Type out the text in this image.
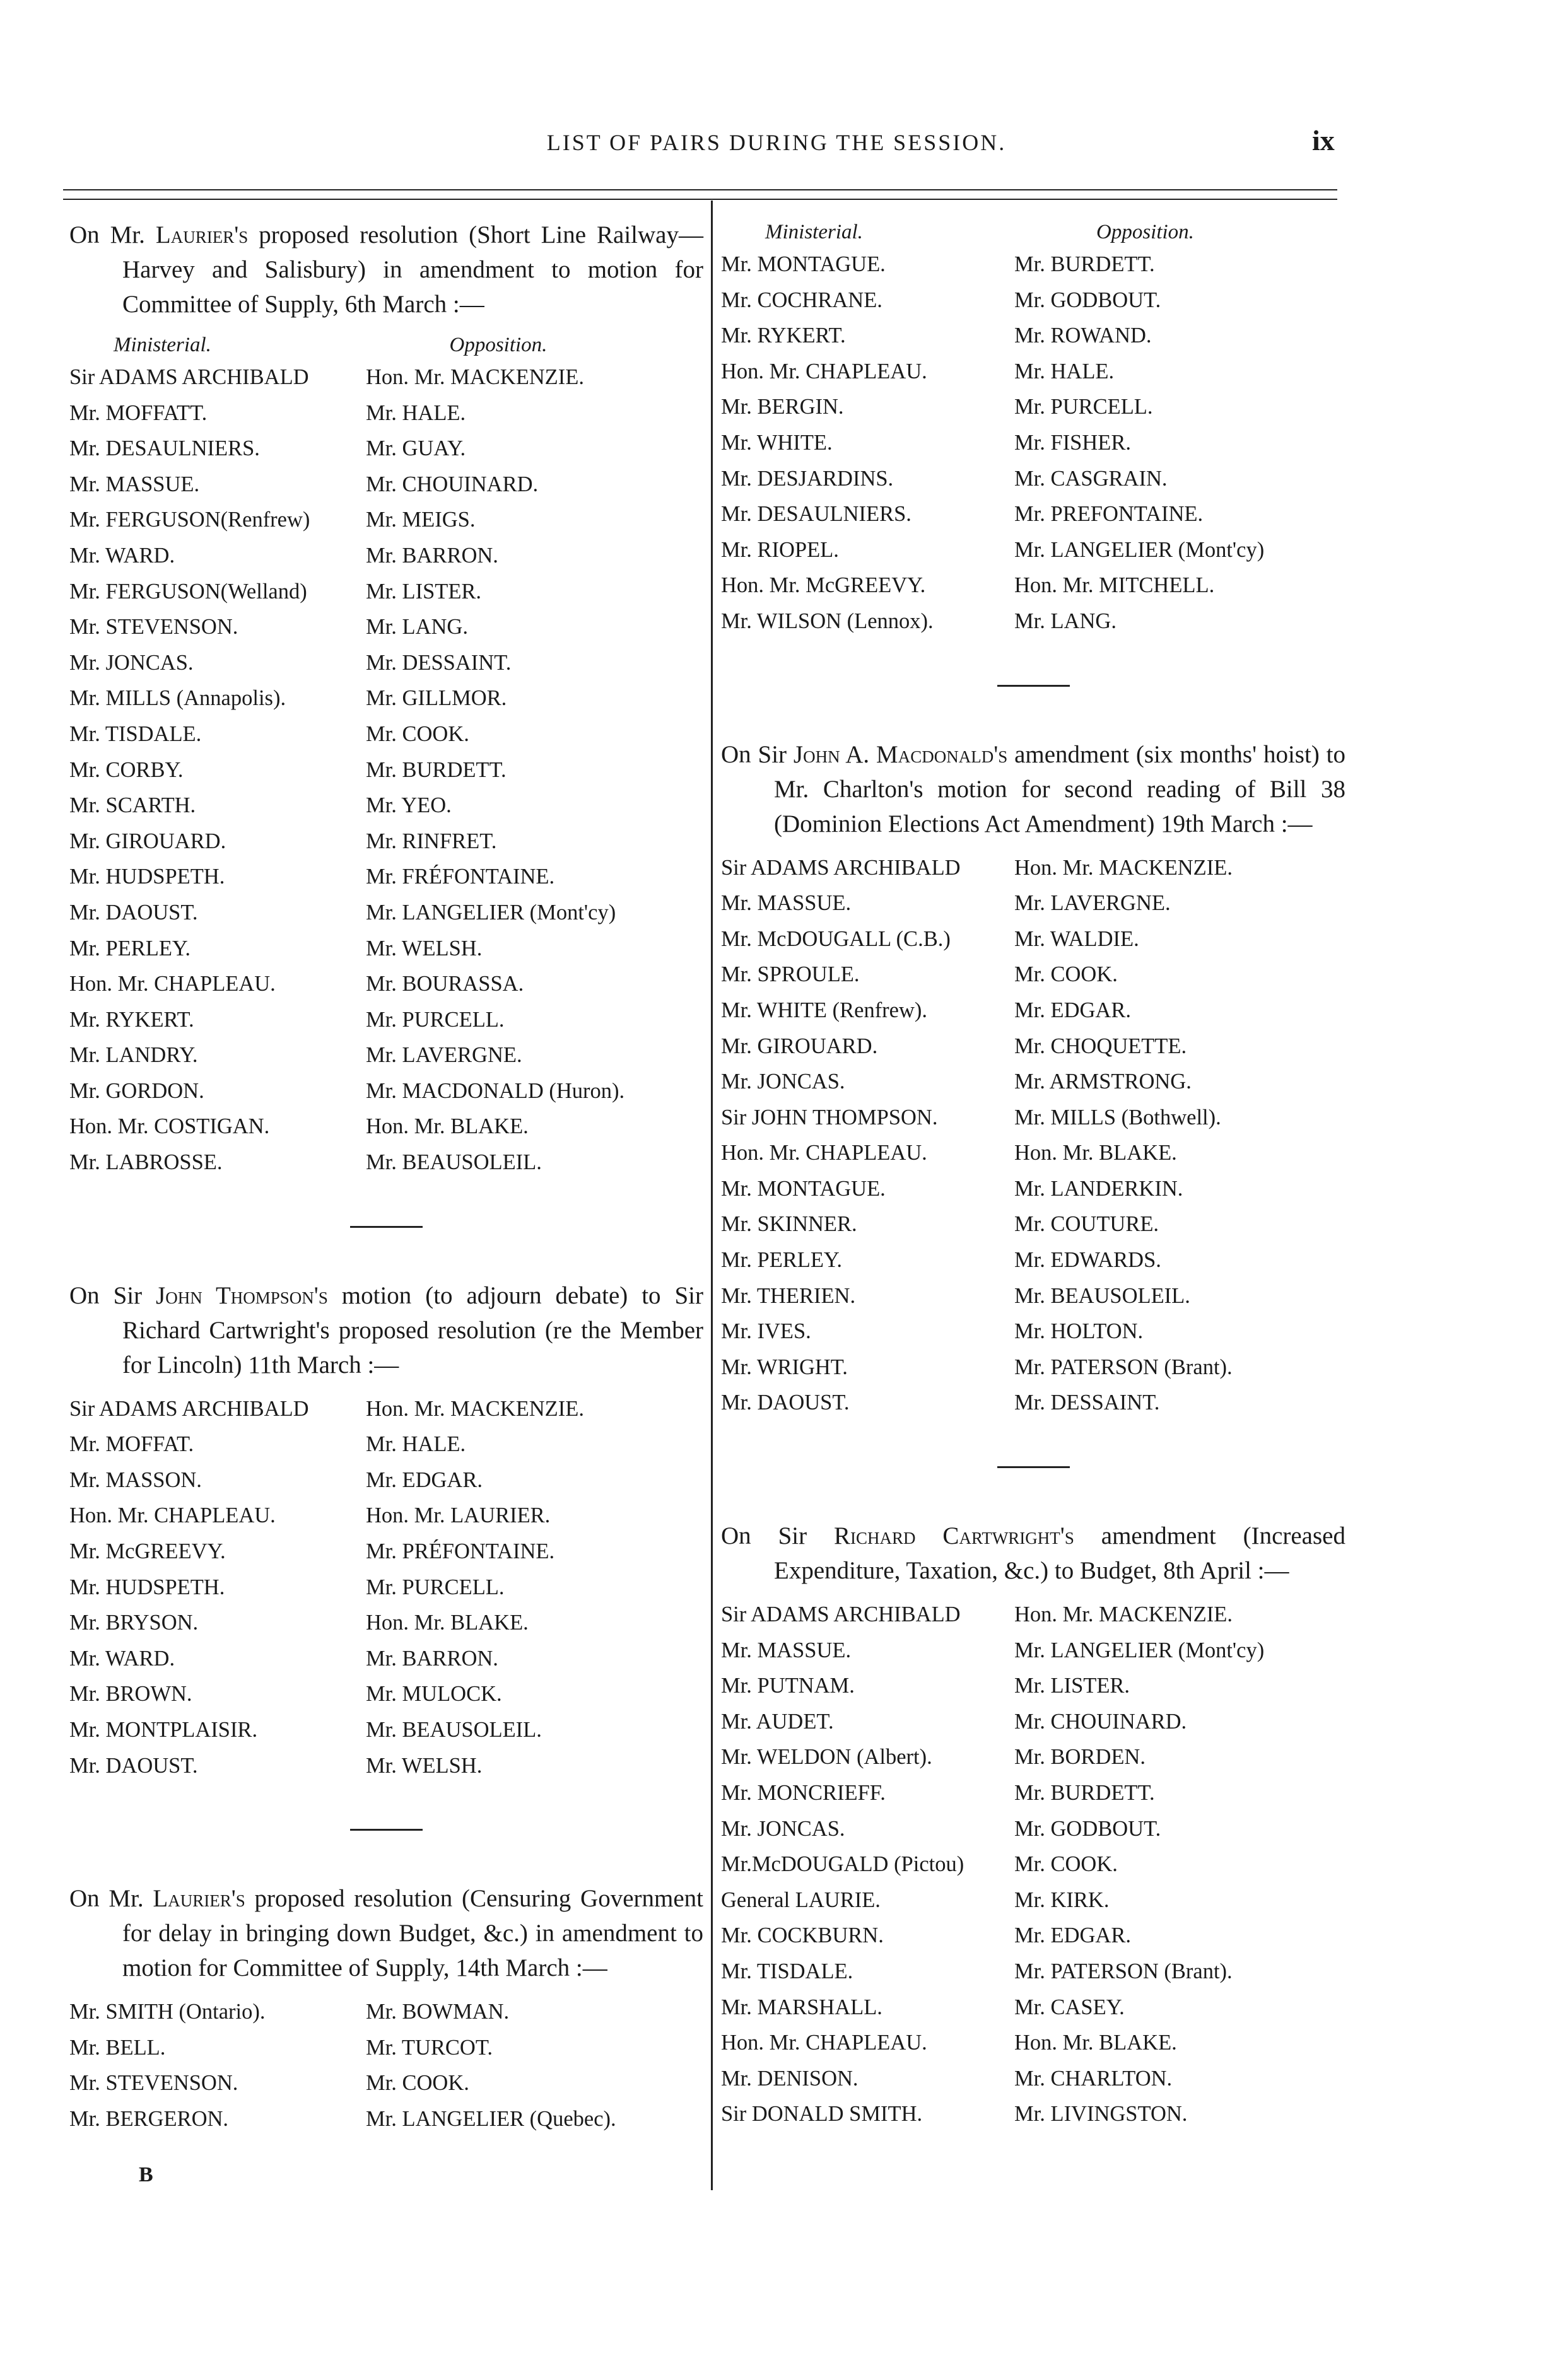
LIST OF PAIRS DURING THE SESSION.	ix

On Mr. Laurier's proposed resolution (Short Line Railway—Harvey and Salisbury) in amendment to motion for Committee of Supply, 6th March :—

Ministerial.	Opposition.
Sir ADAMS ARCHIBALD	Hon. Mr. MACKENZIE.
Mr. MOFFATT.	Mr. HALE.
Mr. DESAULNIERS.	Mr. GUAY.
Mr. MASSUE.	Mr. CHOUINARD.
Mr. FERGUSON(Renfrew)	Mr. MEIGS.
Mr. WARD.	Mr. BARRON.
Mr. FERGUSON(Welland)	Mr. LISTER.
Mr. STEVENSON.	Mr. LANG.
Mr. JONCAS.	Mr. DESSAINT.
Mr. MILLS (Annapolis).	Mr. GILLMOR.
Mr. TISDALE.	Mr. COOK.
Mr. CORBY.	Mr. BURDETT.
Mr. SCARTH.	Mr. YEO.
Mr. GIROUARD.	Mr. RINFRET.
Mr. HUDSPETH.	Mr. FRÉFONTAINE.
Mr. DAOUST.	Mr. LANGELIER (Mont'cy)
Mr. PERLEY.	Mr. WELSH.
Hon. Mr. CHAPLEAU.	Mr. BOURASSA.
Mr. RYKERT.	Mr. PURCELL.
Mr. LANDRY.	Mr. LAVERGNE.
Mr. GORDON.	Mr. MACDONALD (Huron).
Hon. Mr. COSTIGAN.	Hon. Mr. BLAKE.
Mr. LABROSSE.	Mr. BEAUSOLEIL.

On Sir John Thompson's motion (to adjourn debate) to Sir Richard Cartwright's proposed resolution (re the Member for Lincoln) 11th March :—

Sir ADAMS ARCHIBALD	Hon. Mr. MACKENZIE.
Mr. MOFFAT.	Mr. HALE.
Mr. MASSON.	Mr. EDGAR.
Hon. Mr. CHAPLEAU.	Hon. Mr. LAURIER.
Mr. McGREEVY.	Mr. PRÉFONTAINE.
Mr. HUDSPETH.	Mr. PURCELL.
Mr. BRYSON.	Hon. Mr. BLAKE.
Mr. WARD.	Mr. BARRON.
Mr. BROWN.	Mr. MULOCK.
Mr. MONTPLAISIR.	Mr. BEAUSOLEIL.
Mr. DAOUST.	Mr. WELSH.

On Mr. Laurier's proposed resolution (Censuring Government for delay in bringing down Budget, &c.) in amendment to motion for Committee of Supply, 14th March :—

Mr. SMITH (Ontario).	Mr. BOWMAN.
Mr. BELL.	Mr. TURCOT.
Mr. STEVENSON.	Mr. COOK.
Mr. BERGERON.	Mr. LANGELIER (Quebec).
Ministerial.	Opposition.
Mr. MONTAGUE.	Mr. BURDETT.
Mr. COCHRANE.	Mr. GODBOUT.
Mr. RYKERT.	Mr. ROWAND.
Hon. Mr. CHAPLEAU.	Mr. HALE.
Mr. BERGIN.	Mr. PURCELL.
Mr. WHITE.	Mr. FISHER.
Mr. DESJARDINS.	Mr. CASGRAIN.
Mr. DESAULNIERS.	Mr. PREFONTAINE.
Mr. RIOPEL.	Mr. LANGELIER (Mont'cy)
Hon. Mr. McGREEVY.	Hon. Mr. MITCHELL.
Mr. WILSON (Lennox).	Mr. LANG.

On Sir John A. Macdonald's amendment (six months' hoist) to Mr. Charlton's motion for second reading of Bill 38 (Dominion Elections Act Amendment) 19th March :—

Sir ADAMS ARCHIBALD	Hon. Mr. MACKENZIE.
Mr. MASSUE.	Mr. LAVERGNE.
Mr. McDOUGALL (C.B.)	Mr. WALDIE.
Mr. SPROULE.	Mr. COOK.
Mr. WHITE (Renfrew).	Mr. EDGAR.
Mr. GIROUARD.	Mr. CHOQUETTE.
Mr. JONCAS.	Mr. ARMSTRONG.
Sir JOHN THOMPSON.	Mr. MILLS (Bothwell).
Hon. Mr. CHAPLEAU.	Hon. Mr. BLAKE.
Mr. MONTAGUE.	Mr. LANDERKIN.
Mr. SKINNER.	Mr. COUTURE.
Mr. PERLEY.	Mr. EDWARDS.
Mr. THERIEN.	Mr. BEAUSOLEIL.
Mr. IVES.	Mr. HOLTON.
Mr. WRIGHT.	Mr. PATERSON (Brant).
Mr. DAOUST.	Mr. DESSAINT.

On Sir Richard Cartwright's amendment (Increased Expenditure, Taxation, &c.) to Budget, 8th April :—

Sir ADAMS ARCHIBALD	Hon. Mr. MACKENZIE.
Mr. MASSUE.	Mr. LANGELIER (Mont'cy)
Mr. PUTNAM.	Mr. LISTER.
Mr. AUDET.	Mr. CHOUINARD.
Mr. WELDON (Albert).	Mr. BORDEN.
Mr. MONCRIEFF.	Mr. BURDETT.
Mr. JONCAS.	Mr. GODBOUT.
Mr.McDOUGALD (Pictou)	Mr. COOK.
General LAURIE.	Mr. KIRK.
Mr. COCKBURN.	Mr. EDGAR.
Mr. TISDALE.	Mr. PATERSON (Brant).
Mr. MARSHALL.	Mr. CASEY.
Hon. Mr. CHAPLEAU.	Hon. Mr. BLAKE.
Mr. DENISON.	Mr. CHARLTON.
Sir DONALD SMITH.	Mr. LIVINGSTON.
B
